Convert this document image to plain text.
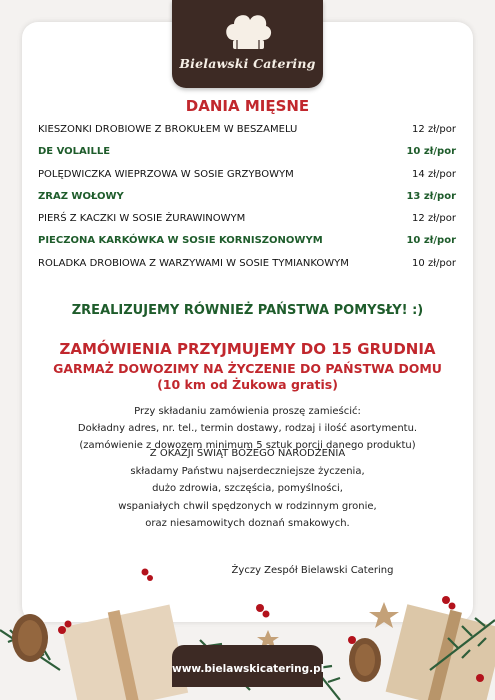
Bielawski Catering
DANIA MIĘSNE
KIESZONKI DROBIOWE Z BROKUŁEM W BESZAMELU	12 zł/por
DE VOLAILLE	10 zł/por
POLĘDWICZKA WIEPRZOWA W SOSIE GRZYBOWYM	14 zł/por
ZRAZ WOŁOWY	13 zł/por
PIERŚ Z KACZKI W SOSIE ŻURAWINOWYM	12 zł/por
PIECZONA KARKÓWKA W SOSIE KORNISZONOWYM	10 zł/por
ROLADKA DROBIOWA Z WARZYWAMI W SOSIE TYMIANKOWYM	10 zł/por
ZREALIZUJEMY RÓWNIEŻ PAŃSTWA POMYSŁY! :)
ZAMÓWIENIA PRZYJMUJEMY DO 15 GRUDNIA
GARMAŻ DOWOZIMY NA ŻYCZENIE DO PAŃSTWA DOMU
(10 km od Żukowa gratis)
Przy składaniu zamówienia proszę zamieścić:
Dokładny adres, nr. tel., termin dostawy, rodzaj i ilość asortymentu.
(zamówienie z dowozem minimum 5 sztuk porcji danego produktu)
Z OKAZJI ŚWIĄT BOŻEGO NARODZENIA
składamy Państwu najserdeczniejsze życzenia,
dużo zdrowia, szczęścia, pomyślności,
wspaniałych chwil spędzonych w rodzinnym gronie,
oraz niesamowitych doznań smakowych.
Życzy Zespół Bielawski Catering
www.bielawskicatering.pl
